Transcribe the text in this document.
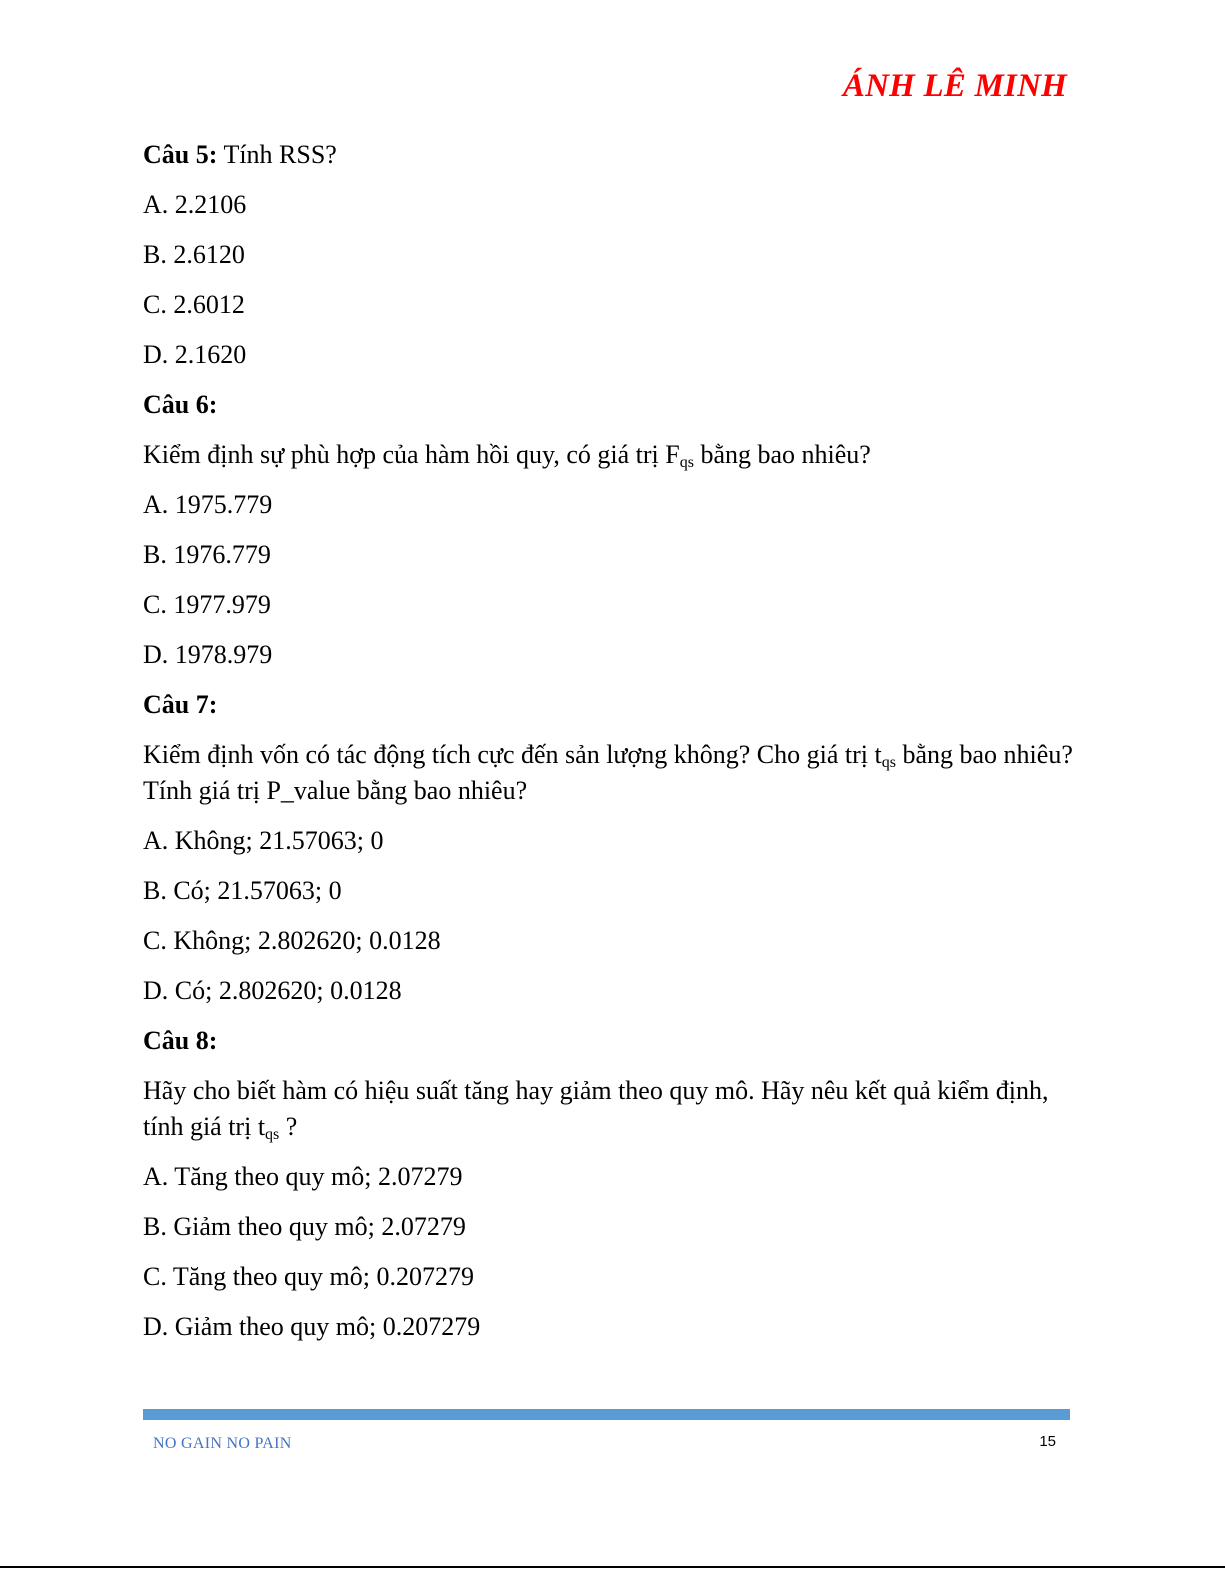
ÁNH LÊ MINH

Câu 5: Tính RSS?

A. 2.2106

B. 2.6120

C. 2.6012

D. 2.1620

Câu 6:

Kiểm định sự phù hợp của hàm hồi quy, có giá trị $F_{qs}$ bằng bao nhiêu?

A. 1975.779

B. 1976.779

C. 1977.979

D. 1978.979

Câu 7:

Kiểm định vốn có tác động tích cực đến sản lượng không? Cho giá trị $t_{qs}$ bằng bao nhiêu? Tính giá trị P_value bằng bao nhiêu?

A. Không; 21.57063; 0

B. Có; 21.57063; 0

C. Không; 2.802620; 0.0128

D. Có; 2.802620; 0.0128

Câu 8:

Hãy cho biết hàm có hiệu suất tăng hay giảm theo quy mô. Hãy nêu kết quả kiểm định, tính giá trị $t_{qs}$ ?

A. Tăng theo quy mô; 2.07279

B. Giảm theo quy mô; 2.07279

C. Tăng theo quy mô; 0.207279

D. Giảm theo quy mô; 0.207279

NO GAIN NO PAIN	15
